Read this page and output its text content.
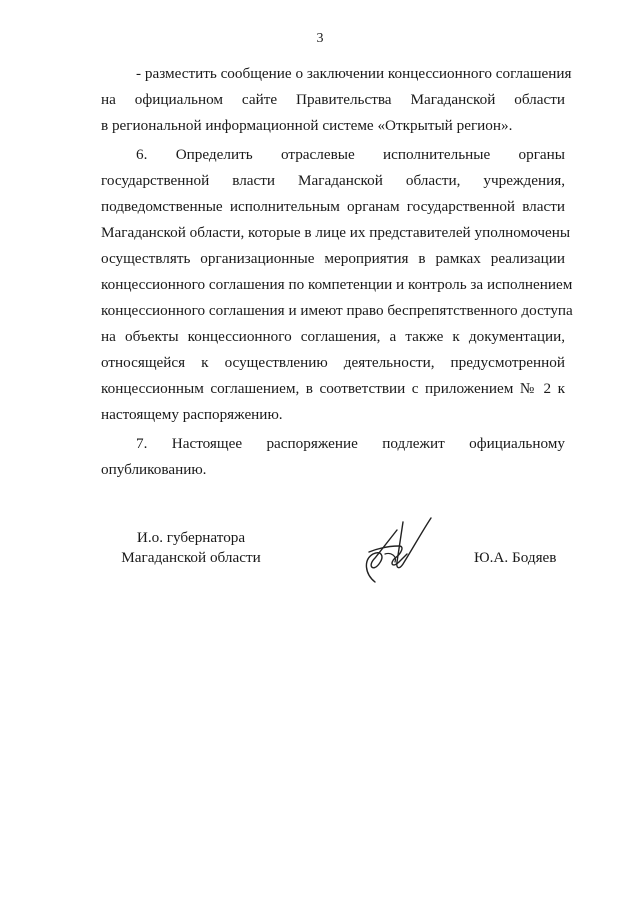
3
- разместить сообщение о заключении концессионного соглашения
на официальном сайте Правительства Магаданской области
в региональной информационной системе «Открытый регион».
6. Определить отраслевые исполнительные органы
государственной власти Магаданской области, учреждения,
подведомственные исполнительным органам государственной власти
Магаданской области, которые в лице их представителей уполномочены
осуществлять организационные мероприятия в рамках реализации
концессионного соглашения по компетенции и контроль за исполнением
концессионного соглашения и имеют право беспрепятственного доступа
на объекты концессионного соглашения, а также к документации,
относящейся к осуществлению деятельности, предусмотренной
концессионным соглашением, в соответствии с приложением № 2 к
настоящему распоряжению.
7. Настоящее распоряжение подлежит официальному
опубликованию.
И.о. губернатора
Магаданской области	Ю.А. Бодяев
